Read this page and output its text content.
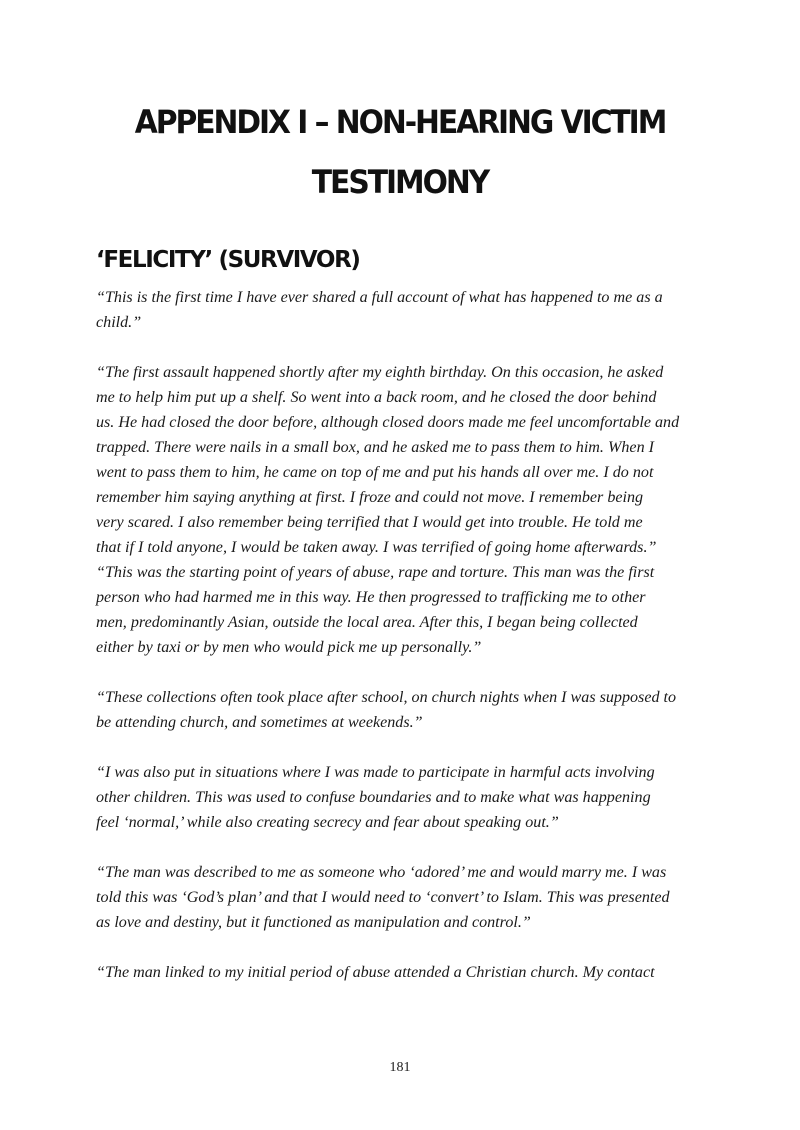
APPENDIX I – NON-HEARING VICTIM
TESTIMONY
‘FELICITY’ (SURVIVOR)

“This is the first time I have ever shared a full account of what has happened to me as a
child.”

“The first assault happened shortly after my eighth birthday. On this occasion, he asked
me to help him put up a shelf. So went into a back room, and he closed the door behind
us. He had closed the door before, although closed doors made me feel uncomfortable and
trapped. There were nails in a small box, and he asked me to pass them to him. When I
went to pass them to him, he came on top of me and put his hands all over me. I do not
remember him saying anything at first. I froze and could not move. I remember being
very scared. I also remember being terrified that I would get into trouble. He told me
that if I told anyone, I would be taken away. I was terrified of going home afterwards.”

“This was the starting point of years of abuse, rape and torture. This man was the first
person who had harmed me in this way. He then progressed to trafficking me to other
men, predominantly Asian, outside the local area. After this, I began being collected
either by taxi or by men who would pick me up personally.”

“These collections often took place after school, on church nights when I was supposed to
be attending church, and sometimes at weekends.”

“I was also put in situations where I was made to participate in harmful acts involving
other children. This was used to confuse boundaries and to make what was happening
feel ‘normal,’ while also creating secrecy and fear about speaking out.”

“The man was described to me as someone who ‘adored’ me and would marry me. I was
told this was ‘God’s plan’ and that I would need to ‘convert’ to Islam. This was presented
as love and destiny, but it functioned as manipulation and control.”

“The man linked to my initial period of abuse attended a Christian church. My contact

181
